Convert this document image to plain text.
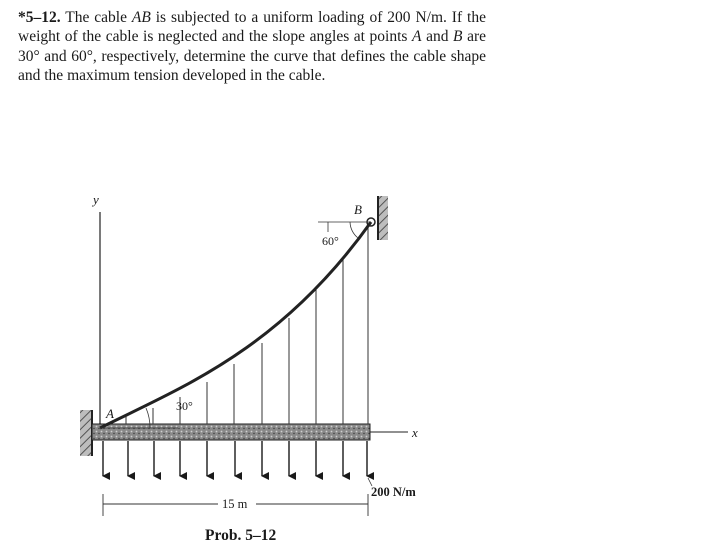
*5–12. The cable AB is subjected to a uniform loading of 200 N/m. If the weight of the cable is neglected and the slope angles at points A and B are 30° and 60°, respectively, determine the curve that defines the cable shape and the maximum tension developed in the cable.
y
x
A
B
30°
60°
200 N/m
15 m
Prob. 5–12
